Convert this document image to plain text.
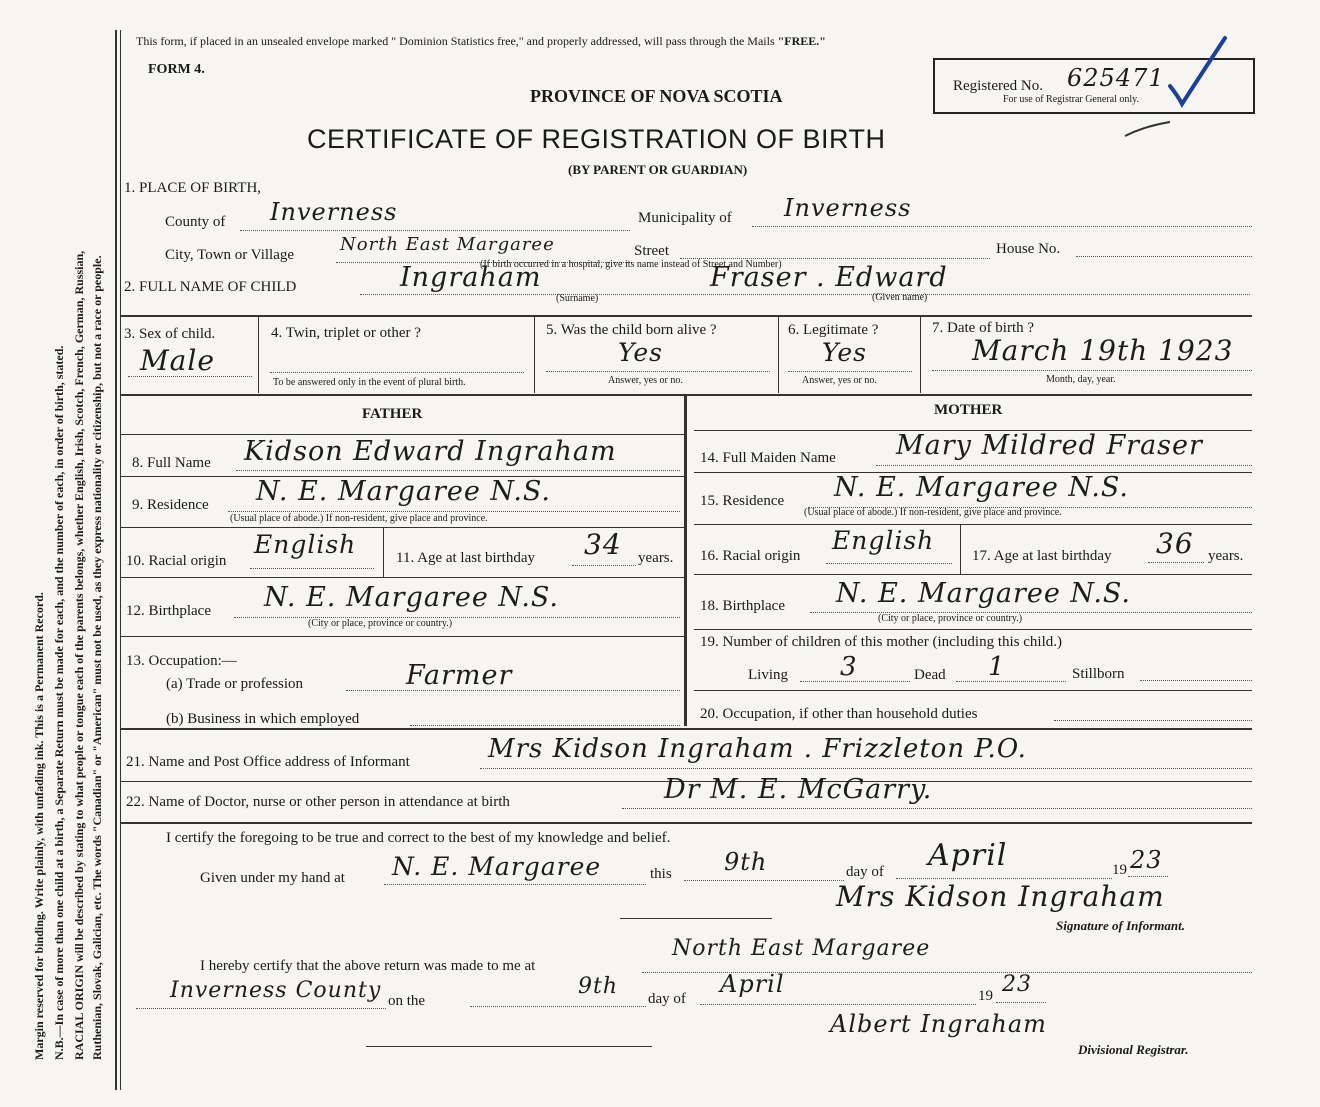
Margin reserved for binding. Write plainly, with unfading ink. This is a Permanent Record. N.B.—In case of more than one child at a birth, a Separate Return must be made for each, and the number of each, in order of birth, stated. RACIAL ORIGIN will be described by stating to what people or tongue each of the parents belongs, whether English, Irish, Scotch, French, German, Russian, Ruthenian, Slovak, Galician, etc. The words "Canadian" or "American" must not be used, as they express nationality or citizenship, but not a race or people.
This form, if placed in an unsealed envelope marked " Dominion Statistics free," and properly addressed, will pass through the Mails "FREE."
FORM 4.
PROVINCE OF NOVA SCOTIA
CERTIFICATE OF REGISTRATION OF BIRTH
(BY PARENT OR GUARDIAN)
Registered No. 625471
For use of Registrar General only.
1. PLACE OF BIRTH,
County of Inverness	Municipality of Inverness
City, Town or Village	North East Margaree	Street	House No.
(If birth occurred in a hospital, give its name instead of Street and Number)
2. FULL NAME OF CHILD	Ingraham
(Surname)
Fraser . Edward
(Given name)
3. Sex of child.
Male
4. Twin, triplet or other ?
To be answered only in the event of plural birth.
5. Was the child born alive ?
Yes
Answer, yes or no.
6. Legitimate ?
Yes
Answer, yes or no.
7. Date of birth ?
March 19th 1923
Month, day, year.
FATHER
8. Full Name Kidson Edward Ingraham
9. Residence N. E. Margaree N.S.
(Usual place of abode.) If non-resident, give place and province.
10. Racial origin
English	11. Age at last birthday 34 years.
12. Birthplace N. E. Margaree N.S.
(City or place, province or country.)
13. Occupation:—
(a) Trade or profession	Farmer
(b) Business in which employed
MOTHER
14. Full Maiden Name Mary Mildred Fraser
15. Residence N. E. Margaree N.S.
(Usual place of abode.) If non-resident, give place and province.
16. Racial origin
English
17. Age at last birthday 36 years.
18. Birthplace N. E. Margaree N.S.
(City or place, province or country.)
19. Number of children of this mother (including this child.)
Living 3	Dead 1	Stillborn
20. Occupation, if other than household duties
21. Name and Post Office address of Informant	Mrs Kidson Ingraham . Frizzleton P.O.
22. Name of Doctor, nurse or other person in attendance at birth	Dr M. E. McGarry.
I certify the foregoing to be true and correct to the best of my knowledge and belief.
Given under my hand at N. E. Margaree	this 9th	day of April	19 23
Mrs Kidson Ingraham
Signature of Informant.
I hereby certify that the above return was made to me at
North East Margaree
Inverness County on the
9th day of
April	19 23
Albert Ingraham
Divisional Registrar.
